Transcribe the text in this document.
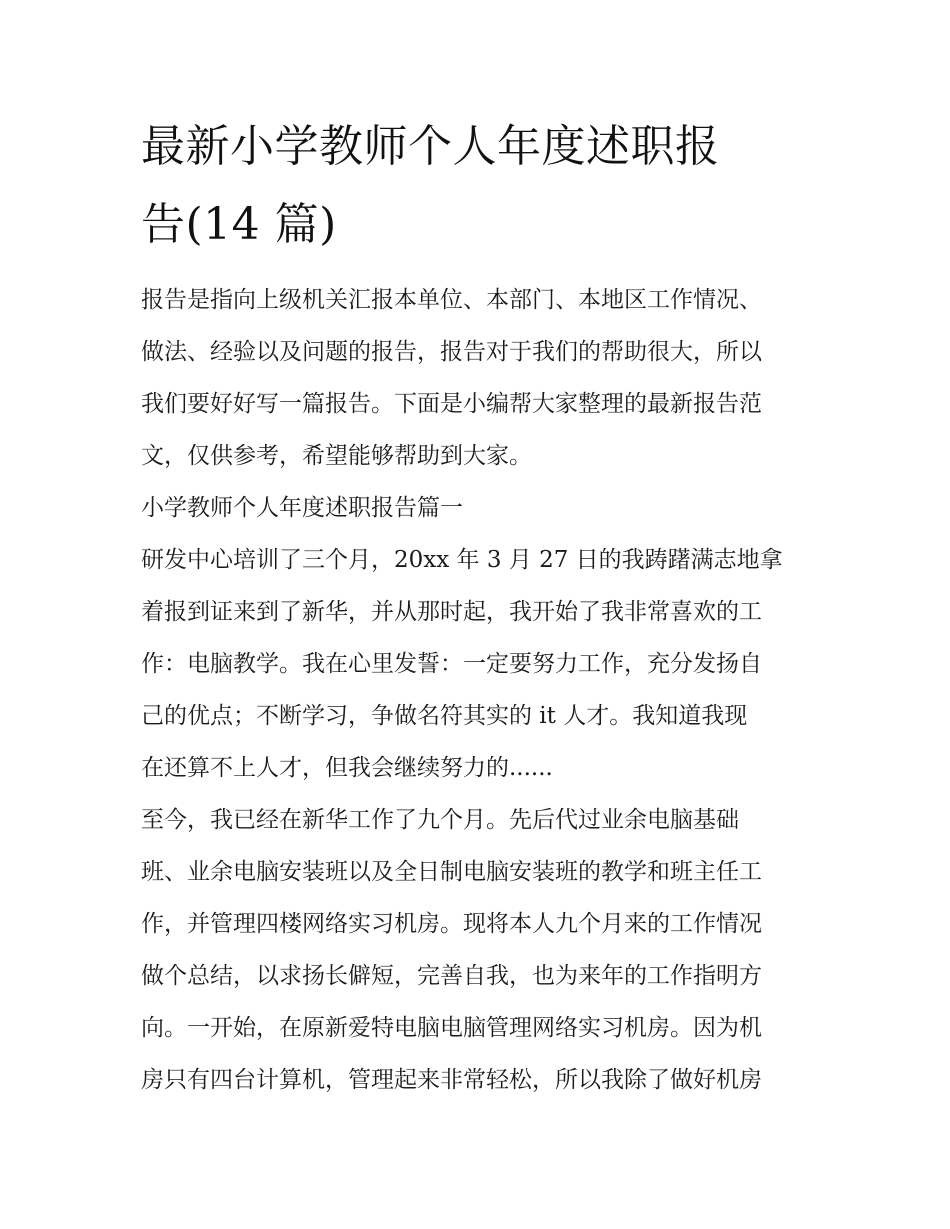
最新小学教师个人年度述职报
告(14 篇)

报告是指向上级机关汇报本单位、本部门、本地区工作情况、
做法、经验以及问题的报告，报告对于我们的帮助很大，所以
我们要好好写一篇报告。下面是小编帮大家整理的最新报告范
文，仅供参考，希望能够帮助到大家。

小学教师个人年度述职报告篇一

研发中心培训了三个月，20xx 年 3 月 27 日的我踌躇满志地拿
着报到证来到了新华，并从那时起，我开始了我非常喜欢的工
作：电脑教学。我在心里发誓：一定要努力工作，充分发扬自
己的优点；不断学习，争做名符其实的 it 人才。我知道我现
在还算不上人才，但我会继续努力的......

至今，我已经在新华工作了九个月。先后代过业余电脑基础
班、业余电脑安装班以及全日制电脑安装班的教学和班主任工
作，并管理四楼网络实习机房。现将本人九个月来的工作情况
做个总结，以求扬长僻短，完善自我，也为来年的工作指明方
向。一开始，在原新爱特电脑电脑管理网络实习机房。因为机
房只有四台计算机，管理起来非常轻松，所以我除了做好机房
